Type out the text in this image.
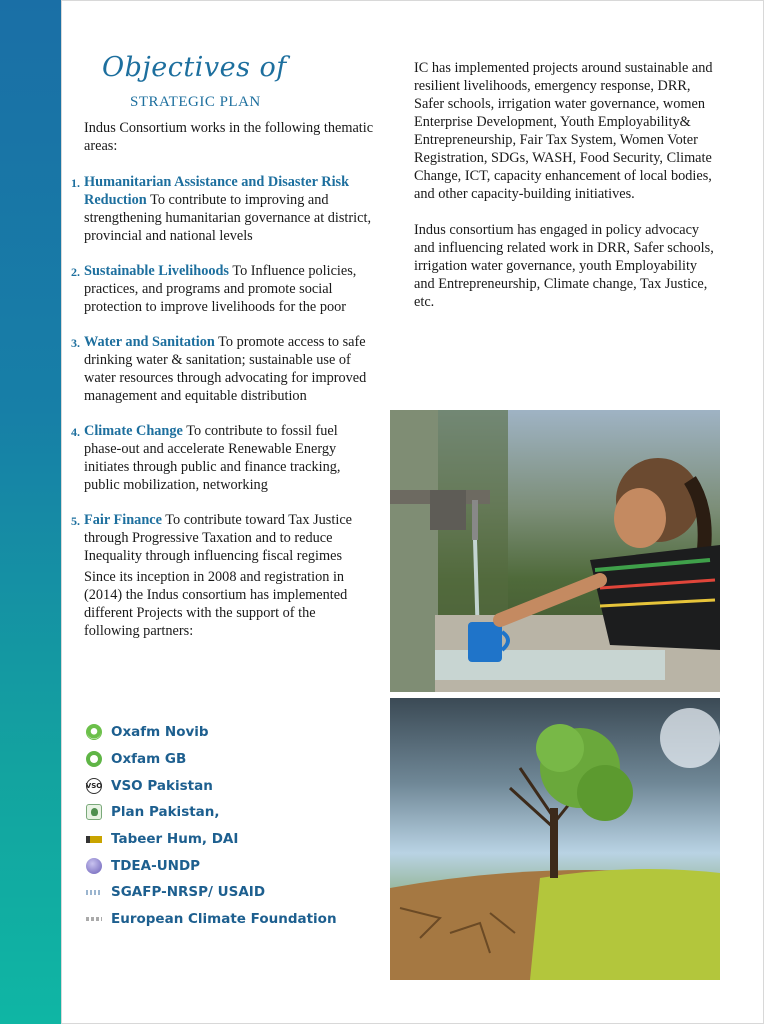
Objectives of
STRATEGIC PLAN

Indus Consortium works in the following thematic areas:

1. Humanitarian Assistance and Disaster Risk Reduction To contribute to improving and strengthening humanitarian governance at district, provincial and national levels
2. Sustainable Livelihoods To Influence policies, practices, and programs and promote social protection to improve livelihoods for the poor
3. Water and Sanitation To promote access to safe drinking water & sanitation; sustainable use of water resources through advocating for improved management and equitable distribution
4. Climate Change To contribute to fossil fuel phase-out and accelerate Renewable Energy initiates through public and finance tracking, public mobilization, networking
5. Fair Finance To contribute toward Tax Justice through Progressive Taxation and to reduce Inequality through influencing fiscal regimes

Since its inception in 2008 and registration in (2014) the Indus consortium has implemented different Projects with the support of the following partners:

Oxafm Novib
Oxfam GB
VSO VSO Pakistan
Plan Pakistan,
Tabeer Hum, DAI
TDEA-UNDP
SGAFP-NRSP/ USAID
European Climate Foundation

IC has implemented projects around sustainable and resilient livelihoods, emergency response, DRR, Safer schools, irrigation water governance, women Enterprise Development, Youth Employability& Entrepreneurship, Fair Tax System, Women Voter Registration, SDGs, WASH, Food Security, Climate Change, ICT, capacity enhancement of local bodies, and other capacity-building initiatives.

Indus consortium has engaged in policy advocacy and influencing related work in DRR, Safer schools, irrigation water governance, youth Employability and Entrepreneurship, Climate change, Tax Justice, etc.
